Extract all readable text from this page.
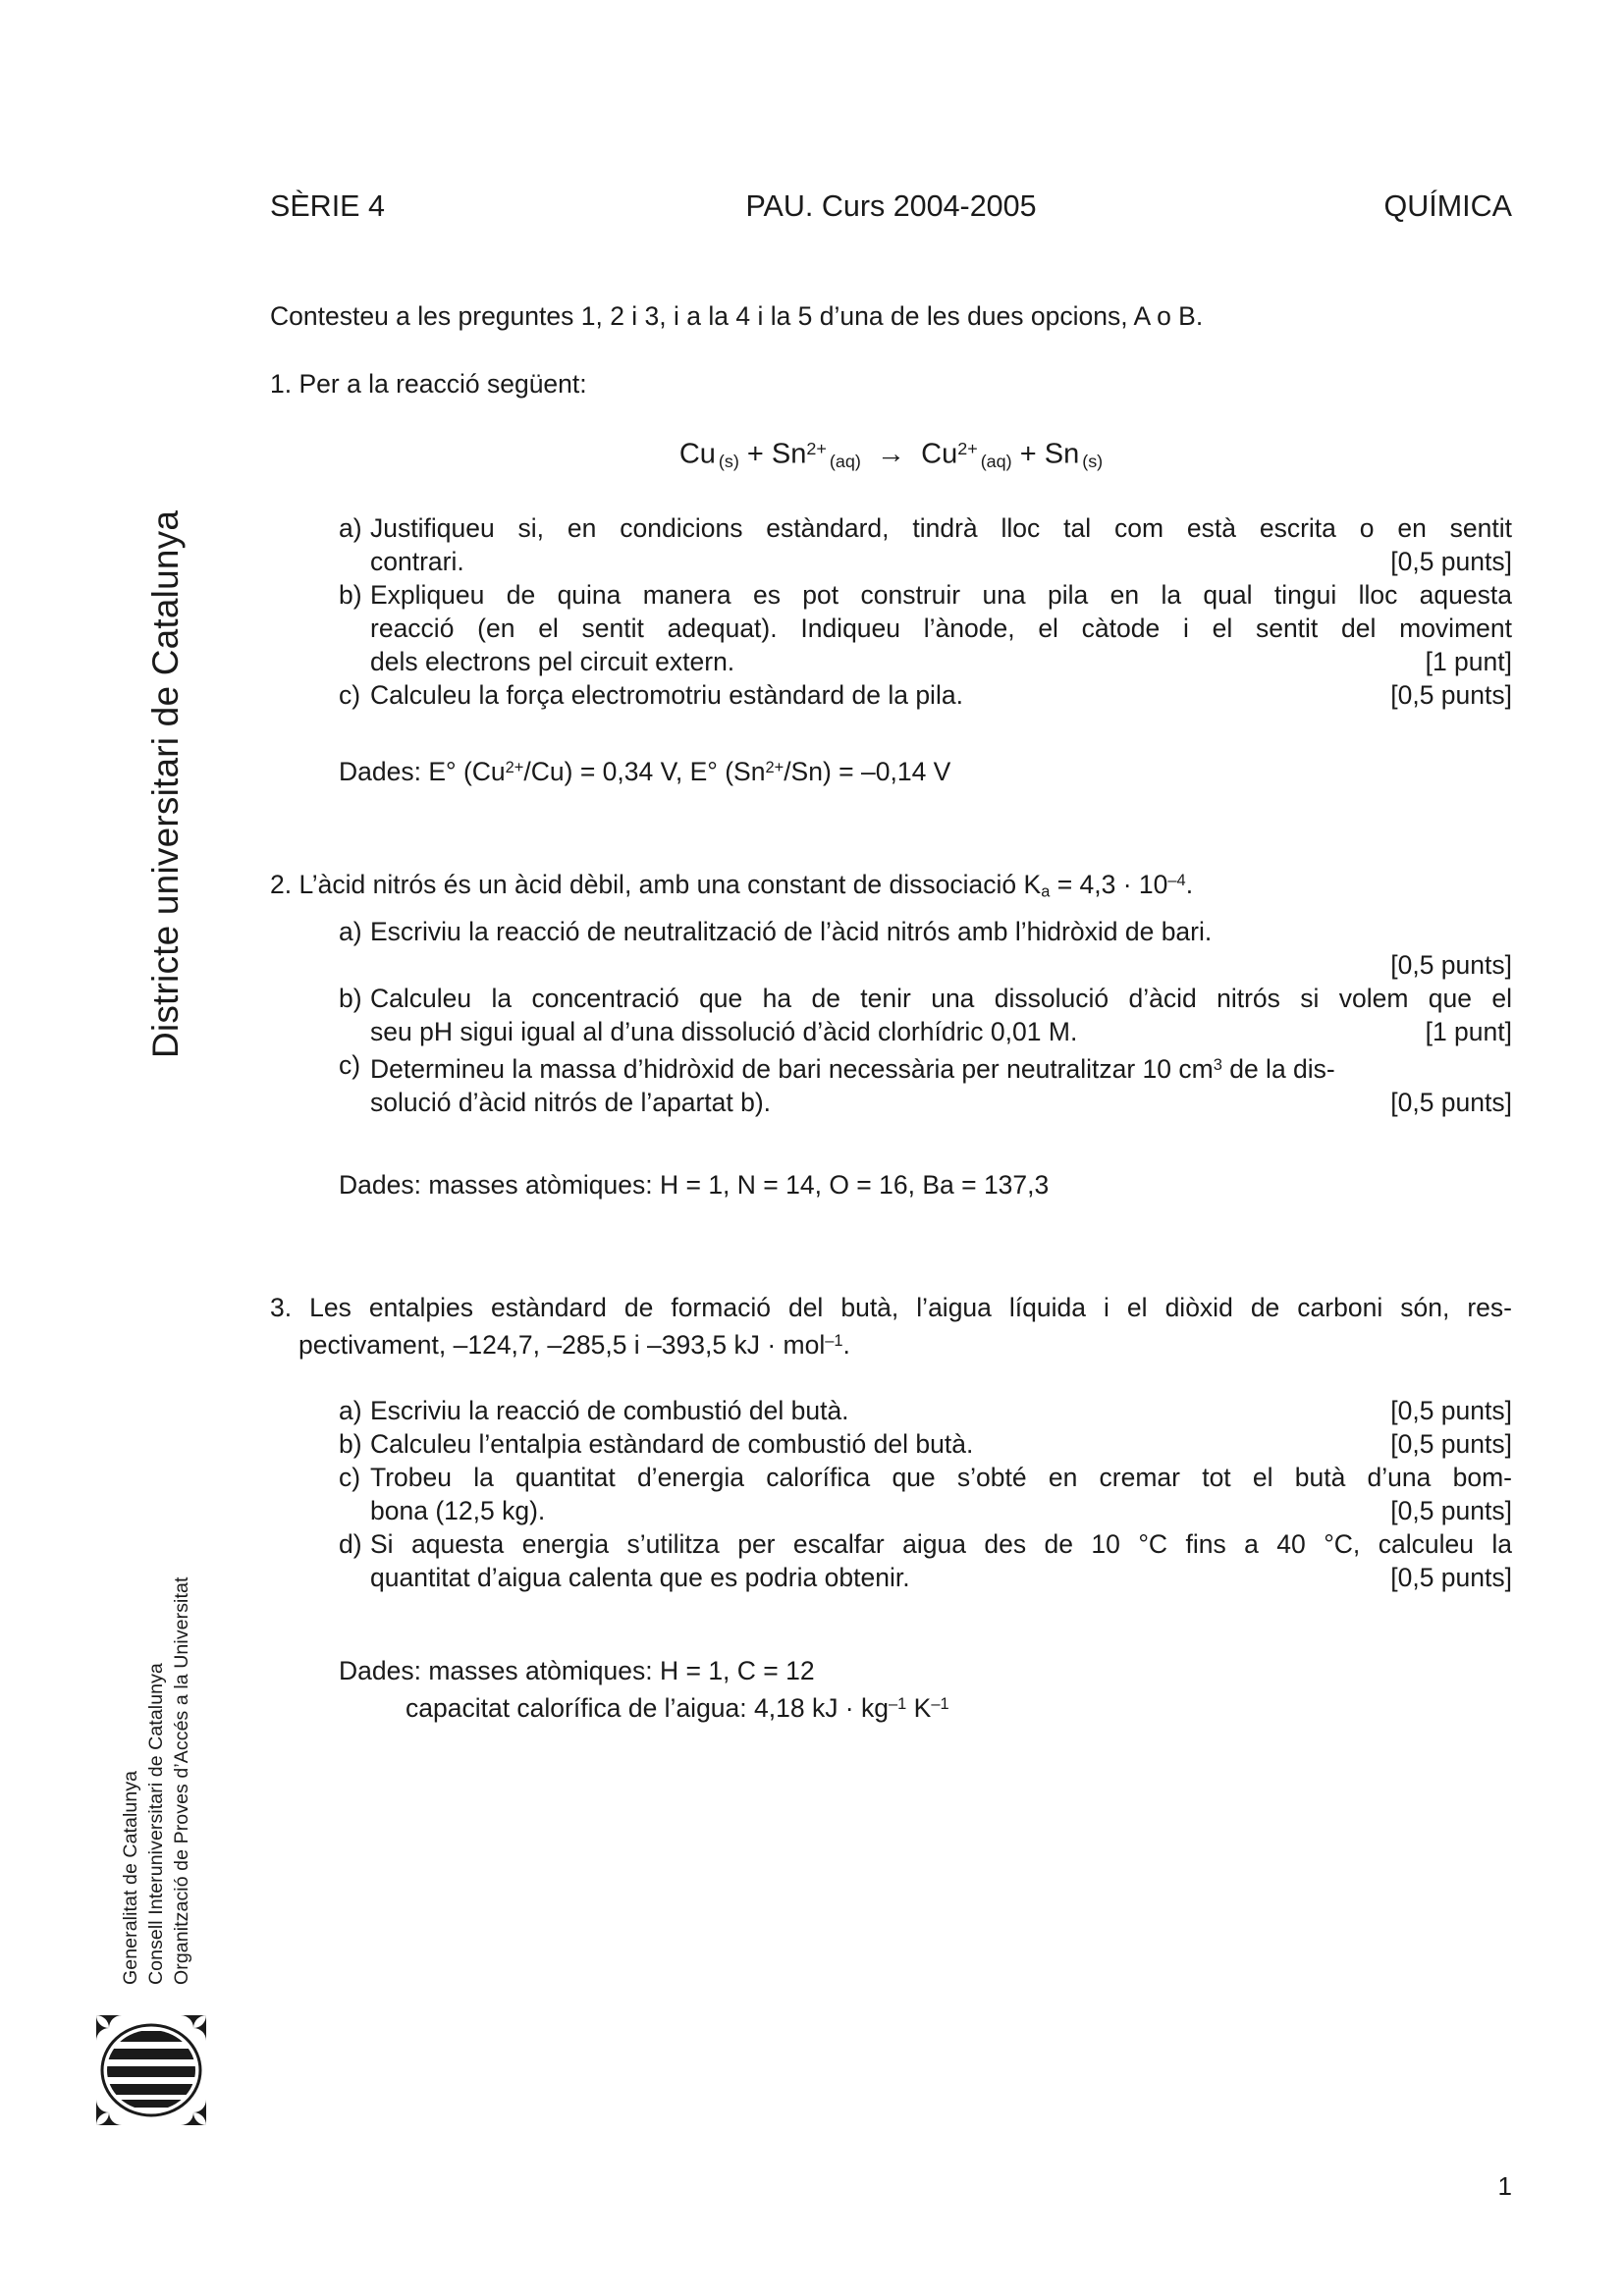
Districte universitari de Catalunya
Generalitat de Catalunya Consell Interuniversitari de Catalunya Organització de Proves d’Accés a la Universitat
SÈRIE 4	PAU. Curs 2004-2005	QUÍMICA
Contesteu a les preguntes 1, 2 i 3, i a la 4 i la 5 d’una de les dues opcions, A o B.
1. Per a la reacció següent:
Cu $(s) + Sn^{2+}(aq) \to Cu^{2+}(aq) + Sn$ (s)
a) Justifiqueu si, en condicions estàndard, tindrà lloc tal com està escrita o en sentit
[0,5 punts]
contrari.
b) Expliqueu de quina manera es pot construir una pila en la qual tingui lloc aquesta
reacció (en el sentit adequat). Indiqueu l’ànode, el càtode i el sentit del moviment
[1 punt]
dels electrons pel circuit extern.
c)	[0,5 punts]
Calculeu la força electromotriu estàndard de la pila.
Dades: E° $(Cu^{2+}/Cu) = 0,34$ V, E° $(Sn^{2+}/Sn) = -0,14$ V
2. L’àcid nitrós és un àcid dèbil, amb una constant de dissociació $K_a = 4,3 \cdot 10^{-4}$.
a) Escriviu la reacció de neutralització de l’àcid nitrós amb l’hidròxid de bari.
[0,5 punts]
b) Calculeu la concentració que ha de tenir una dissolució d’àcid nitrós si volem que el
[1 punt]
seu pH sigui igual al d’una dissolució d’àcid clorhídric 0,01 M.
c) Determineu la massa d’hidròxid de bari necessària per neutralitzar 10 $cm^3$ de la dis-
[0,5 punts]
solució d’àcid nitrós de l’apartat b).
Dades: masses atòmiques: H = 1, N = 14, O = 16, Ba = 137,3
3. Les entalpies estàndard de formació del butà, l’aigua líquida i el diòxid de carboni són, res-
pectivament, –124,7, –285,5 i –393,5 kJ · mol$^{-1}$.
a)	[0,5 punts]
Escriviu la reacció de combustió del butà.
b)	[0,5 punts]
Calculeu l’entalpia estàndard de combustió del butà.
c) Trobeu la quantitat d’energia calorífica que s’obté en cremar tot el butà d’una bom-
[0,5 punts]
bona (12,5 kg).
d) Si aquesta energia s’utilitza per escalfar aigua des de 10 °C fins a 40 °C, calculeu la
[0,5 punts]
quantitat d’aigua calenta que es podria obtenir.
Dades: masses atòmiques: H = 1, C = 12
capacitat calorífica de l’aigua: 4,18 kJ · $kg^{-1}$ $K^{-1}$
1
